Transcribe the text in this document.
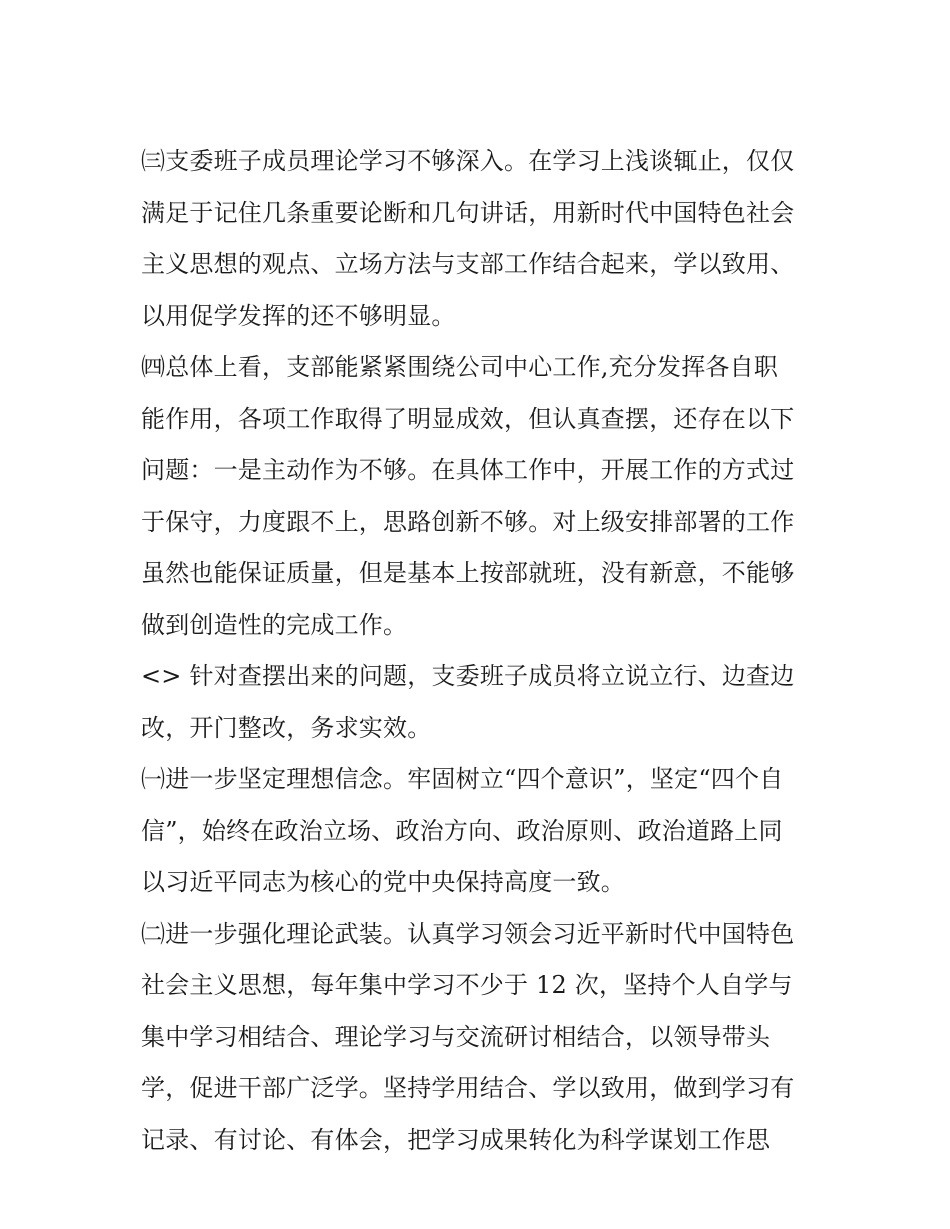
㈢支委班子成员理论学习不够深入。在学习上浅谈辄止，仅仅
满足于记住几条重要论断和几句讲话，用新时代中国特色社会
主义思想的观点、立场方法与支部工作结合起来，学以致用、
以用促学发挥的还不够明显。
㈣总体上看，支部能紧紧围绕公司中心工作,充分发挥各自职
能作用，各项工作取得了明显成效，但认真查摆，还存在以下
问题：一是主动作为不够。在具体工作中，开展工作的方式过
于保守，力度跟不上，思路创新不够。对上级安排部署的工作
虽然也能保证质量，但是基本上按部就班，没有新意，不能够
做到创造性的完成工作。
<> 针对查摆出来的问题，支委班子成员将立说立行、边查边
改，开门整改，务求实效。
㈠进一步坚定理想信念。牢固树立“四个意识”，坚定“四个自
信”，始终在政治立场、政治方向、政治原则、政治道路上同
以习近平同志为核心的党中央保持高度一致。
㈡进一步强化理论武装。认真学习领会习近平新时代中国特色
社会主义思想，每年集中学习不少于 12 次，坚持个人自学与
集中学习相结合、理论学习与交流研讨相结合，以领导带头
学，促进干部广泛学。坚持学用结合、学以致用，做到学习有
记录、有讨论、有体会，把学习成果转化为科学谋划工作思
